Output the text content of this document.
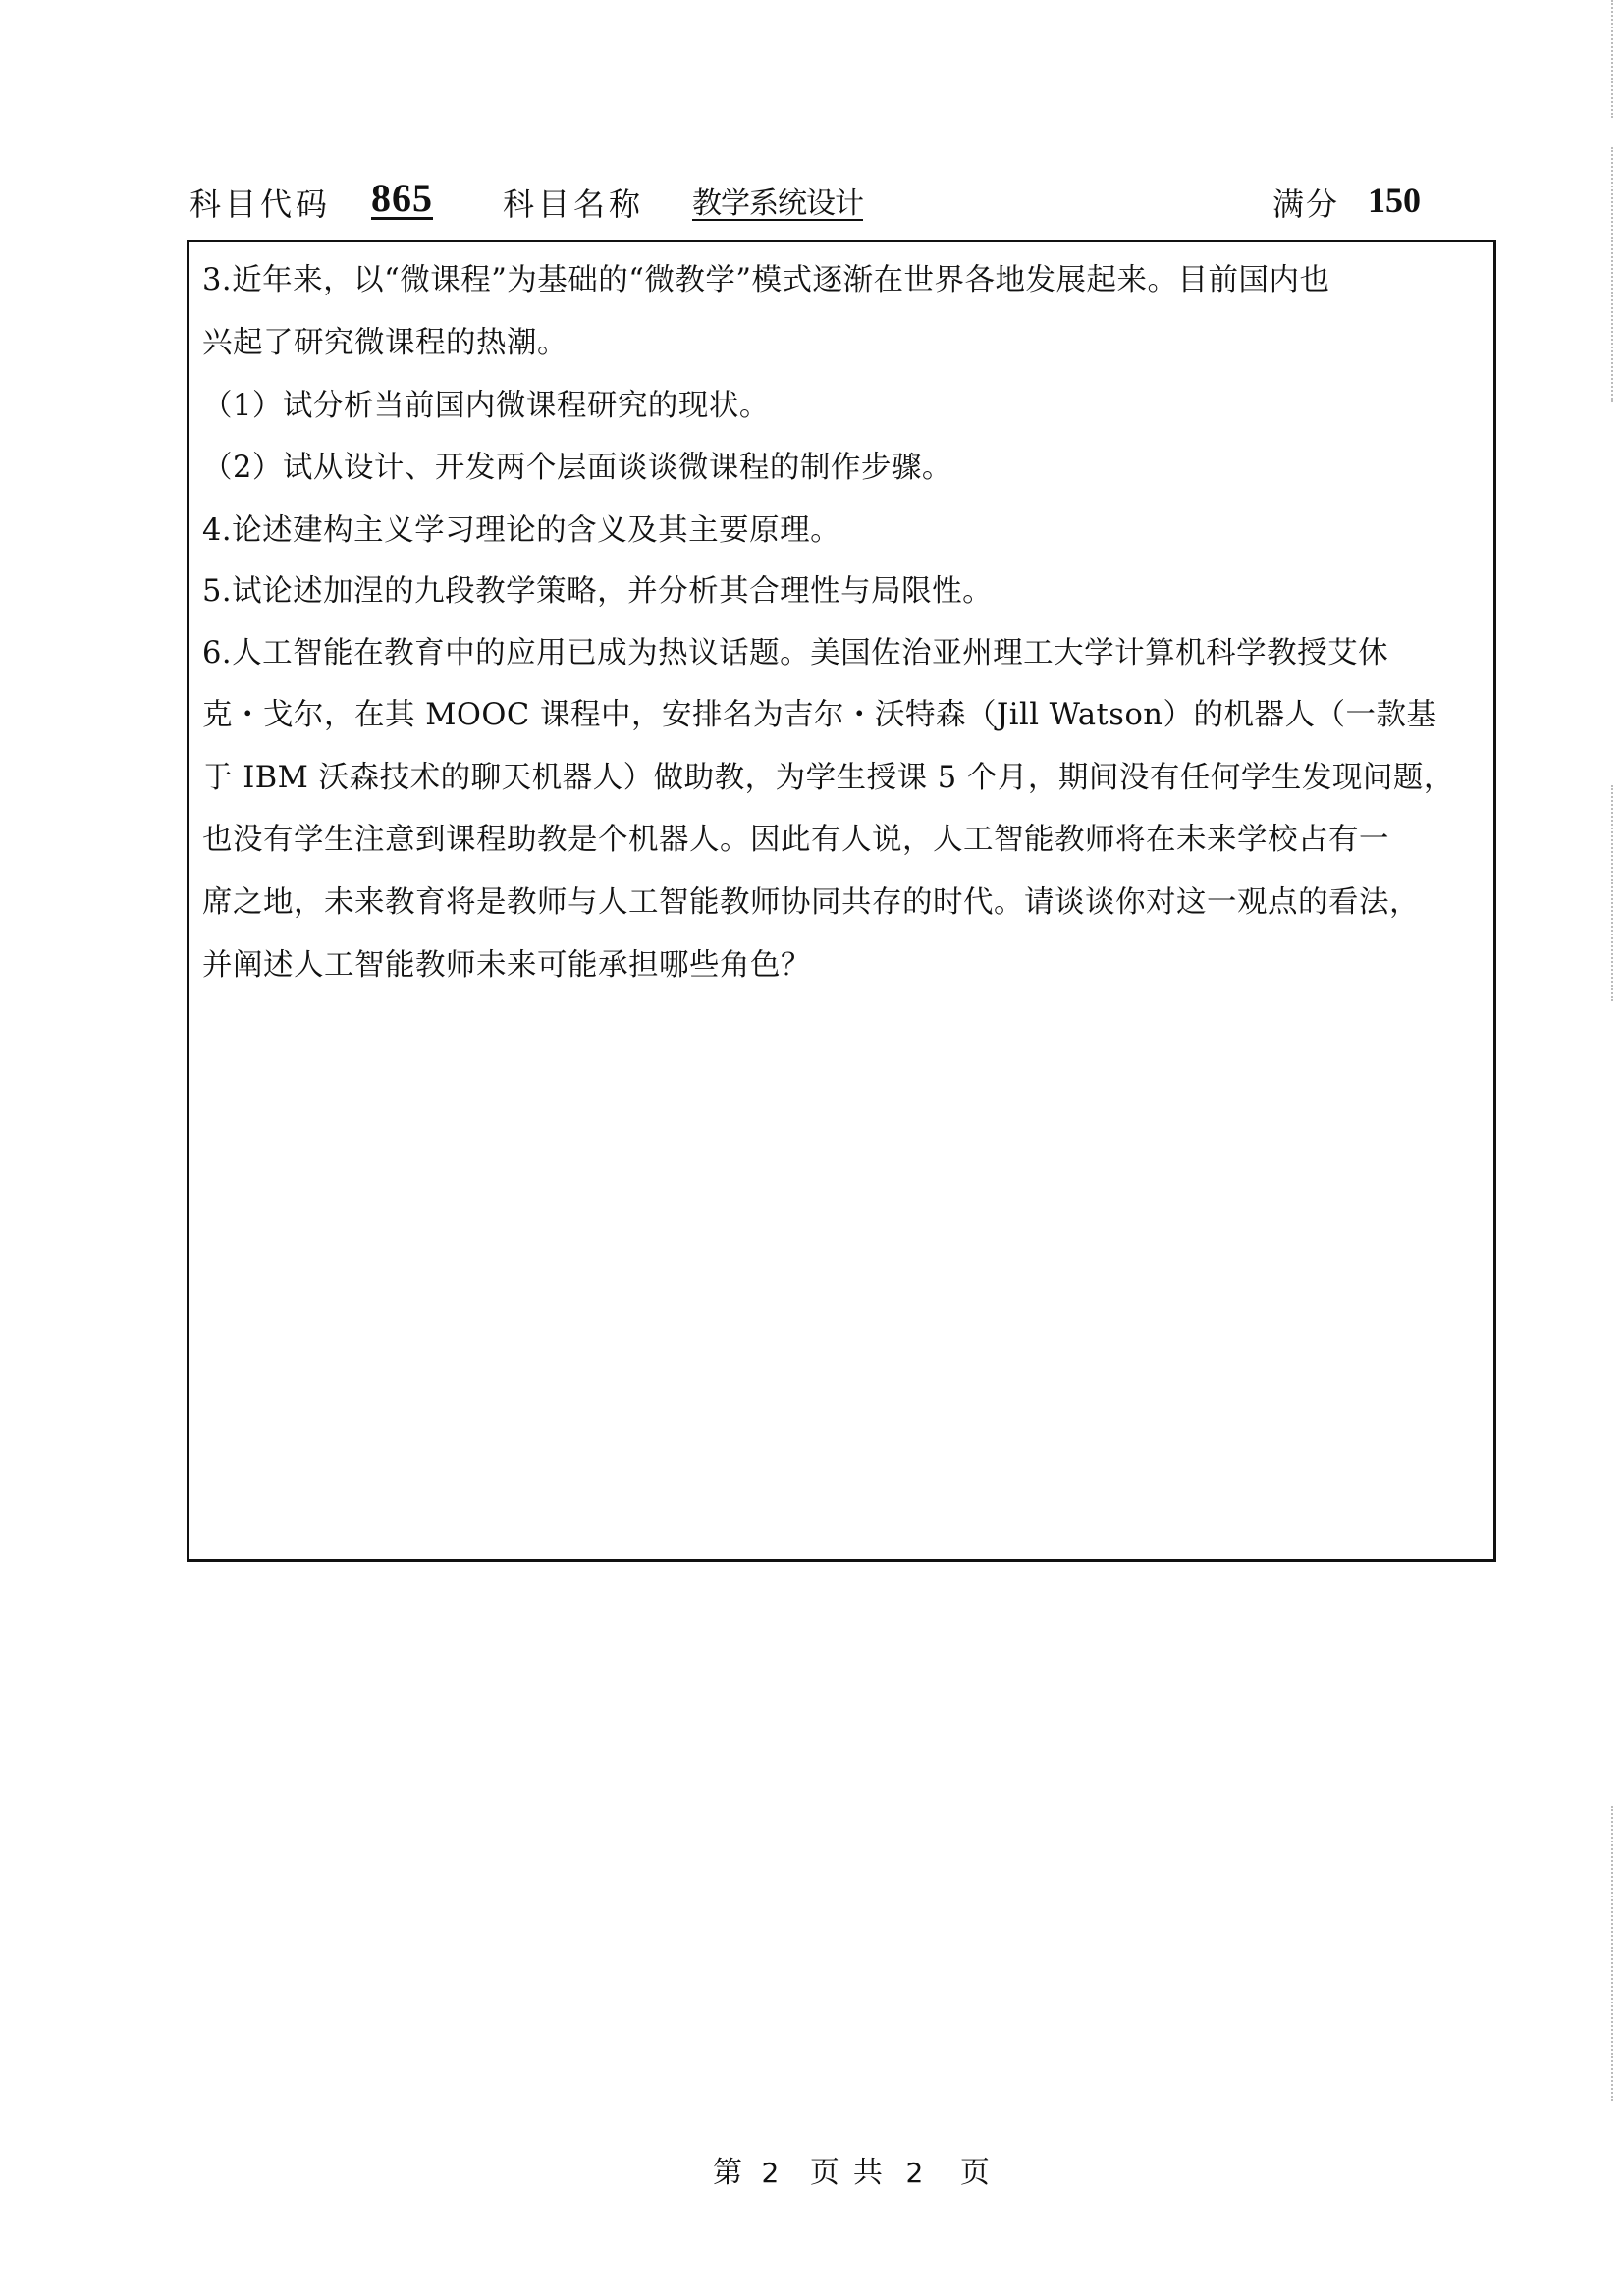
科目代码 865 科目名称 教学系统设计	满分 150
3.近年来，以“微课程”为基础的“微教学”模式逐渐在世界各地发展起来。目前国内也
兴起了研究微课程的热潮。
（1）试分析当前国内微课程研究的现状。
（2）试从设计、开发两个层面谈谈微课程的制作步骤。
4.论述建构主义学习理论的含义及其主要原理。
5.试论述加涅的九段教学策略，并分析其合理性与局限性。
6.人工智能在教育中的应用已成为热议话题。美国佐治亚州理工大学计算机科学教授艾休
克・戈尔，在其 MOOC 课程中，安排名为吉尔・沃特森（Jill Watson）的机器人（一款基
于 IBM 沃森技术的聊天机器人）做助教，为学生授课 5 个月，期间没有任何学生发现问题，
也没有学生注意到课程助教是个机器人。因此有人说，人工智能教师将在未来学校占有一
席之地，未来教育将是教师与人工智能教师协同共存的时代。请谈谈你对这一观点的看法，
并阐述人工智能教师未来可能承担哪些角色？
第 2 页共 2 页
